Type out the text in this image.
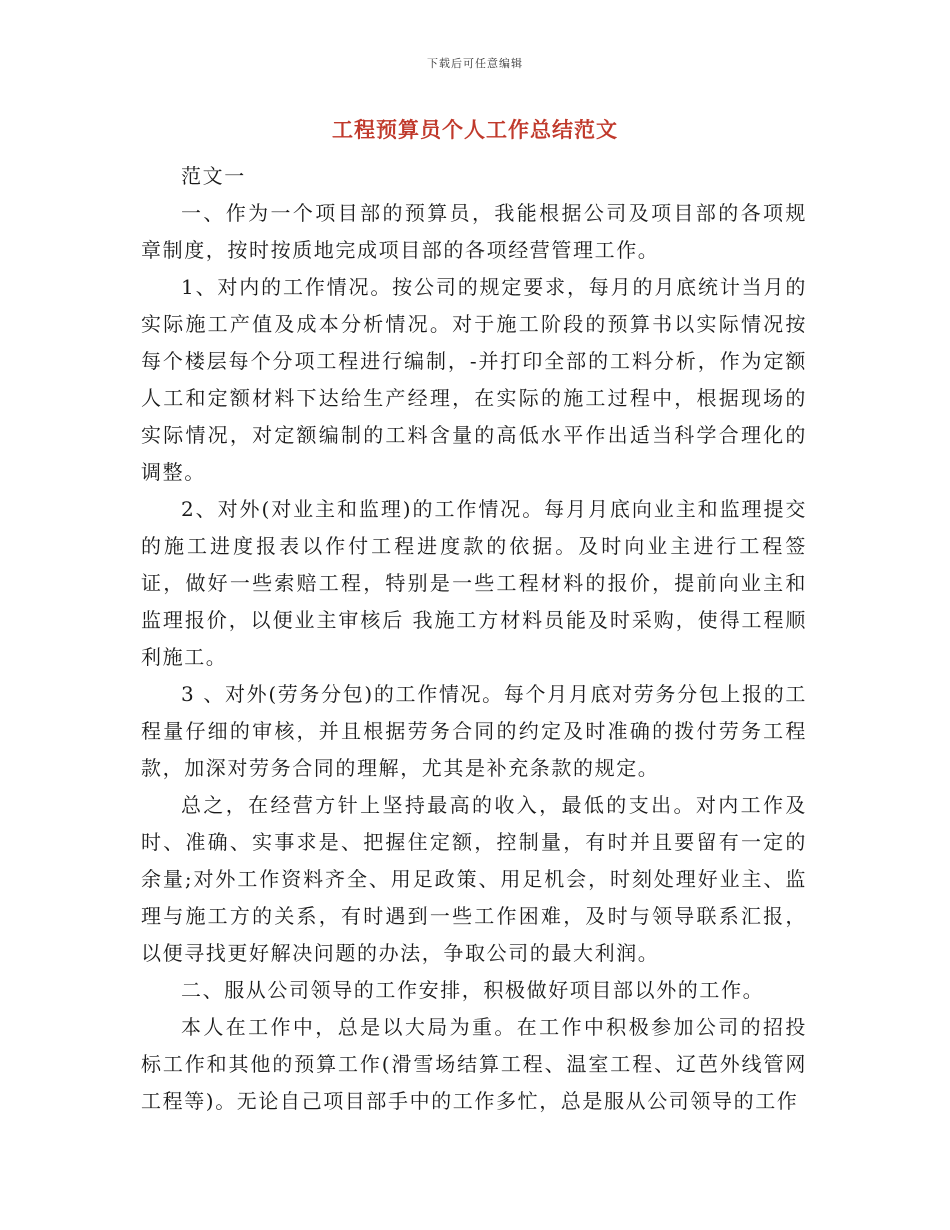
下载后可任意编辑
工程预算员个人工作总结范文

范文一

一、作为一个项目部的预算员，我能根据公司及项目部的各项规章制度，按时按质地完成项目部的各项经营管理工作。

1、对内的工作情况。按公司的规定要求，每月的月底统计当月的实际施工产值及成本分析情况。对于施工阶段的预算书以实际情况按每个楼层每个分项工程进行编制，-并打印全部的工料分析，作为定额人工和定额材料下达给生产经理，在实际的施工过程中，根据现场的实际情况，对定额编制的工料含量的高低水平作出适当科学合理化的调整。

2、对外(对业主和监理)的工作情况。每月月底向业主和监理提交的施工进度报表以作付工程进度款的依据。及时向业主进行工程签证，做好一些索赔工程，特别是一些工程材料的报价，提前向业主和监理报价，以便业主审核后 我施工方材料员能及时采购，使得工程顺利施工。

3 、对外(劳务分包)的工作情况。每个月月底对劳务分包上报的工程量仔细的审核，并且根据劳务合同的约定及时准确的拨付劳务工程款，加深对劳务合同的理解，尤其是补充条款的规定。

总之，在经营方针上坚持最高的收入，最低的支出。对内工作及时、准确、实事求是、把握住定额，控制量，有时并且要留有一定的余量;对外工作资料齐全、用足政策、用足机会，时刻处理好业主、监理与施工方的关系，有时遇到一些工作困难，及时与领导联系汇报，以便寻找更好解决问题的办法，争取公司的最大利润。

二、服从公司领导的工作安排，积极做好项目部以外的工作。

本人在工作中，总是以大局为重。在工作中积极参加公司的招投标工作和其他的预算工作(滑雪场结算工程、温室工程、辽芭外线管网工程等)。无论自己项目部手中的工作多忙，总是服从公司领导的工作
